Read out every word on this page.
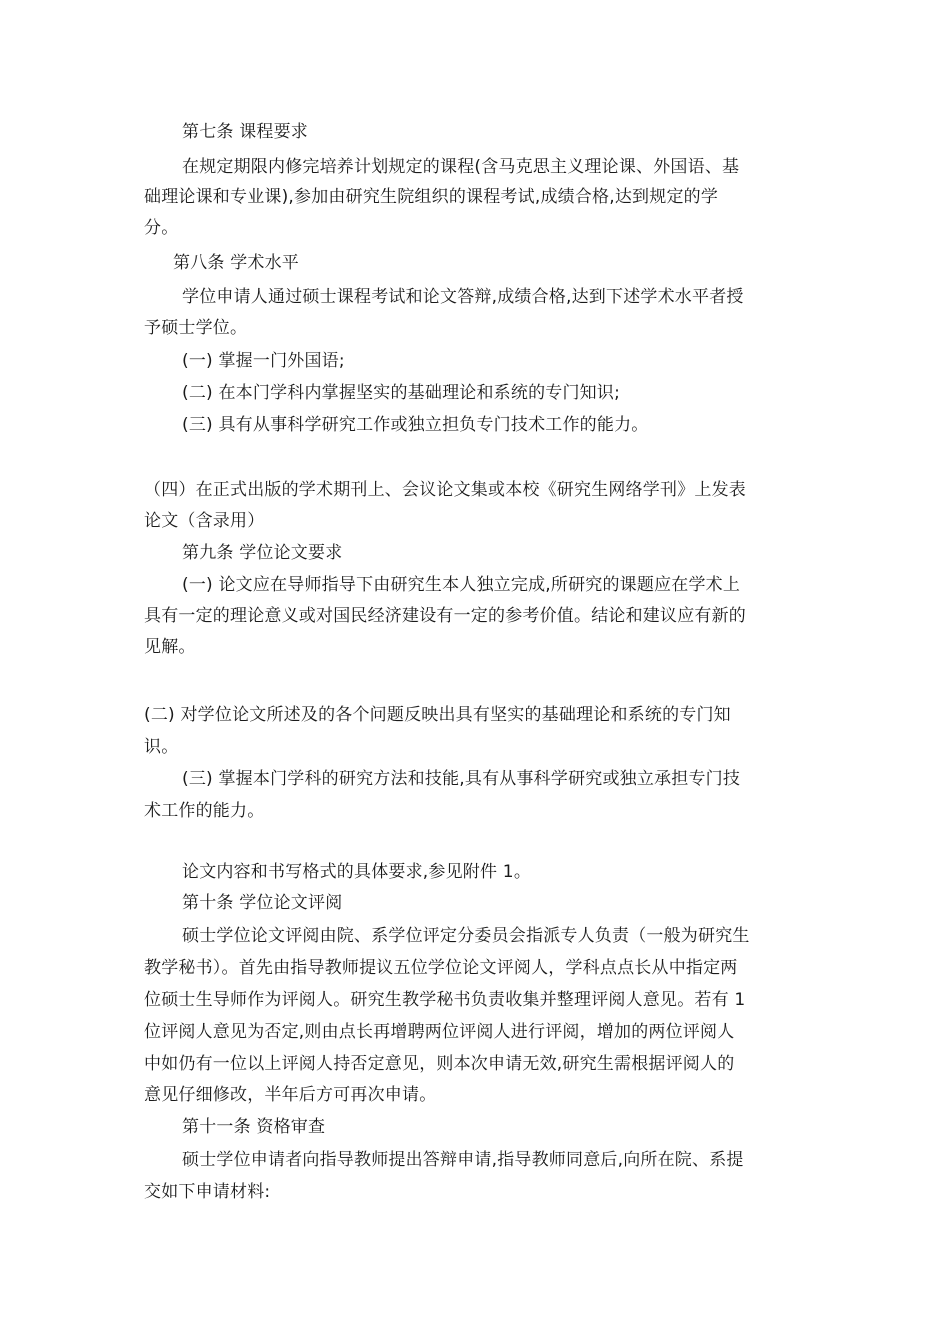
第七条 课程要求
在规定期限内修完培养计划规定的课程(含马克思主义理论课、外国语、基
础理论课和专业课),参加由研究生院组织的课程考试,成绩合格,达到规定的学
分。
第八条 学术水平
学位申请人通过硕士课程考试和论文答辩,成绩合格,达到下述学术水平者授
予硕士学位。
(一) 掌握一门外国语;
(二) 在本门学科内掌握坚实的基础理论和系统的专门知识;
(三) 具有从事科学研究工作或独立担负专门技术工作的能力。
（四）在正式出版的学术期刊上、会议论文集或本校《研究生网络学刊》上发表
论文（含录用）
第九条 学位论文要求
(一) 论文应在导师指导下由研究生本人独立完成,所研究的课题应在学术上
具有一定的理论意义或对国民经济建设有一定的参考价值。结论和建议应有新的
见解。
(二) 对学位论文所述及的各个问题反映出具有坚实的基础理论和系统的专门知
识。
(三) 掌握本门学科的研究方法和技能,具有从事科学研究或独立承担专门技
术工作的能力。
论文内容和书写格式的具体要求,参见附件 1。
第十条 学位论文评阅
硕士学位论文评阅由院、系学位评定分委员会指派专人负责（一般为研究生
教学秘书）。首先由指导教师提议五位学位论文评阅人，学科点点长从中指定两
位硕士生导师作为评阅人。研究生教学秘书负责收集并整理评阅人意见。若有 1
位评阅人意见为否定,则由点长再增聘两位评阅人进行评阅，增加的两位评阅人
中如仍有一位以上评阅人持否定意见，则本次申请无效,研究生需根据评阅人的
意见仔细修改，半年后方可再次申请。
第十一条 资格审查
硕士学位申请者向指导教师提出答辩申请,指导教师同意后,向所在院、系提
交如下申请材料:
